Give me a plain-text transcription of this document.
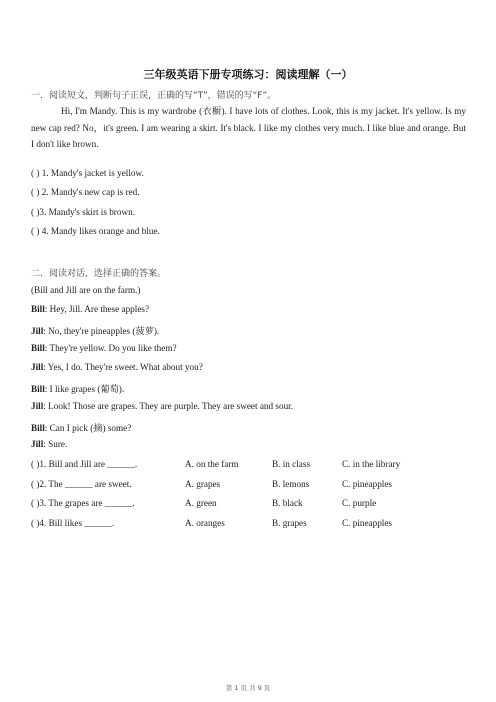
三年级英语下册专项练习：阅读理解（一）
一．阅读短文，判断句子正误，正确的写“T”，错误的写“F”。
Hi, I'm Mandy. This is my wardrobe (衣橱). I have lots of clothes. Look, this is my jacket. It's yellow. Is my new cap red? No，it's green. I am wearing a skirt. It's black. I like my clothes very much. I like blue and orange. But I don't like brown.
( ) 1. Mandy's jacket is yellow.
( ) 2. Mandy's new cap is red.
( )3. Mandy's skirt is brown.
( ) 4. Mandy likes orange and blue.
二．阅读对话，选择正确的答案。
(Bill and Jill are on the farm.)
Bill: Hey, Jill. Are these apples?
Jill: No, they're pineapples (菠萝).
Bill: They're yellow. Do you like them?
Jill: Yes, I do. They're sweet. What about you?
Bill: I like grapes (葡萄).
Jill: Look! Those are grapes. They are purple. They are sweet and sour.
Bill: Can I pick (摘) some?
Jill: Sure.
( )1. Bill and Jill are ______.	A. on the farm	B. in class	C. in the library
( )2. The ______ are sweet.	A. grapes	B. lemons	C. pineapples
( )3. The grapes are ______.	A. green	B. black	C. purple
( )4. Bill likes ______.	A. oranges	B. grapes	C. pineapples
第 1 页 共 9 页
